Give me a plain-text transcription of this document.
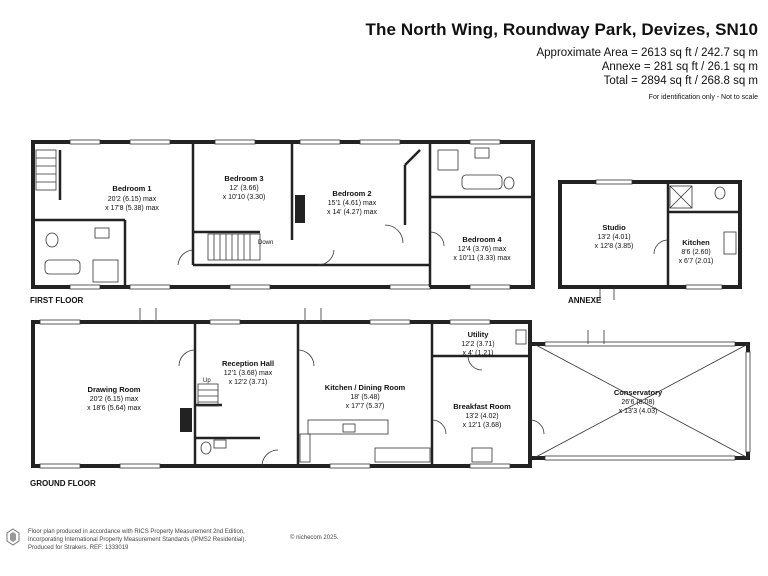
The North Wing, Roundway Park, Devizes, SN10
Approximate Area = 2613 sq ft / 242.7 sq m
Annexe = 281 sq ft / 26.1 sq m
Total = 2894 sq ft / 268.8 sq m
For identification only - Not to scale
Down
Bedroom 1
20'2 (6.15) max
x 17'8 (5.38) max
Bedroom 3
12' (3.66)
x 10'10 (3.30)	Bedroom 2
15'1 (4.61) max
x 14' (4.27) max
Bedroom 4
12'4 (3.76) max
x 10'11 (3.33) max
FIRST FLOOR
Studio
13'2 (4.01)
x 12'8 (3.85)	Kitchen
8'6 (2.60)
x 6'7 (2.01)
ANNEXE
Up
Drawing Room
20'2 (6.15) max
x 18'6 (5.64) max
Reception Hall
12'1 (3.68) max
x 12'2 (3.71)
Kitchen / Dining Room
18' (5.48)
x 17'7 (5.37)
Utility
12'2 (3.71)
x 4' (1.21)
Breakfast Room
13'2 (4.02)
x 12'1 (3.68)
Conservatory
26'6 (8.08)
x 13'3 (4.03)
GROUND FLOOR
Floor plan produced in accordance with RICS Property Measurement 2nd Edition,
Incorporating International Property Measurement Standards (IPMS2 Residential).
Produced for Strakers. REF: 1333019
© nichecom 2025.
